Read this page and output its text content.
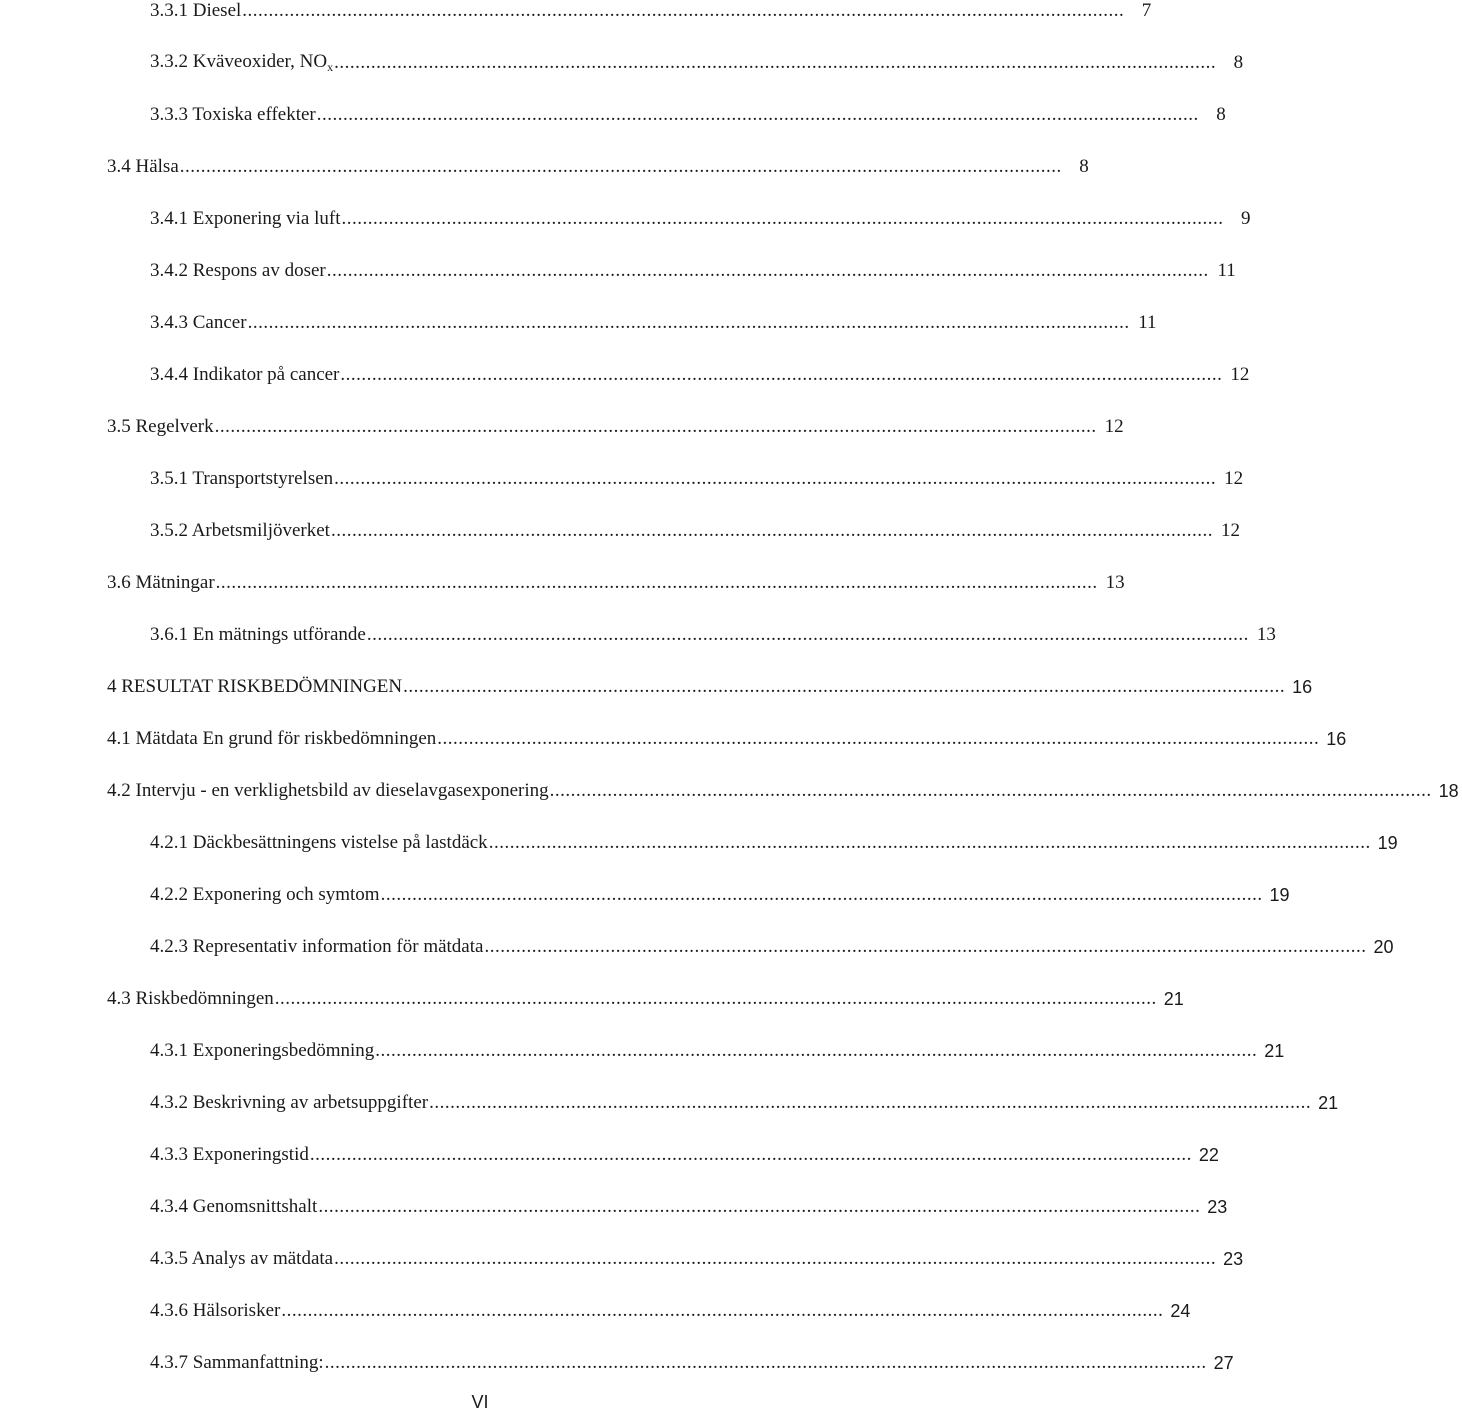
3.3.1 Diesel ........................................................................................................................................................................ 7
3.3.2 Kväveoxider, $NO_x$ ........................................................................................................................................................................ 8
3.3.3 Toxiska effekter ........................................................................................................................................................................ 8
3.4 Hälsa ........................................................................................................................................................................ 8
3.4.1 Exponering via luft ........................................................................................................................................................................ 9
3.4.2 Respons av doser ........................................................................................................................................................................ 11
3.4.3 Cancer ........................................................................................................................................................................ 11
3.4.4 Indikator på cancer ........................................................................................................................................................................ 12
3.5 Regelverk ........................................................................................................................................................................ 12
3.5.1 Transportstyrelsen ........................................................................................................................................................................ 12
3.5.2 Arbetsmiljöverket ........................................................................................................................................................................ 12
3.6 Mätningar ........................................................................................................................................................................ 13
3.6.1 En mätnings utförande ........................................................................................................................................................................ 13
4 RESULTAT RISKBEDÖMNINGEN ........................................................................................................................................................................ 16
4.1 Mätdata En grund för riskbedömningen ........................................................................................................................................................................ 16
4.2 Intervju - en verklighetsbild av dieselavgasexponering ........................................................................................................................................................................ 18
4.2.1 Däckbesättningens vistelse på lastdäck ........................................................................................................................................................................ 19
4.2.2 Exponering och symtom ........................................................................................................................................................................ 19
4.2.3 Representativ information för mätdata ........................................................................................................................................................................ 20
4.3 Riskbedömningen ........................................................................................................................................................................ 21
4.3.1 Exponeringsbedömning ........................................................................................................................................................................ 21
4.3.2 Beskrivning av arbetsuppgifter ........................................................................................................................................................................ 21
4.3.3 Exponeringstid ........................................................................................................................................................................ 22
4.3.4 Genomsnittshalt ........................................................................................................................................................................ 23
4.3.5 Analys av mätdata ........................................................................................................................................................................ 23
4.3.6 Hälsorisker ........................................................................................................................................................................ 24
4.3.7 Sammanfattning: ........................................................................................................................................................................ 27
VI
